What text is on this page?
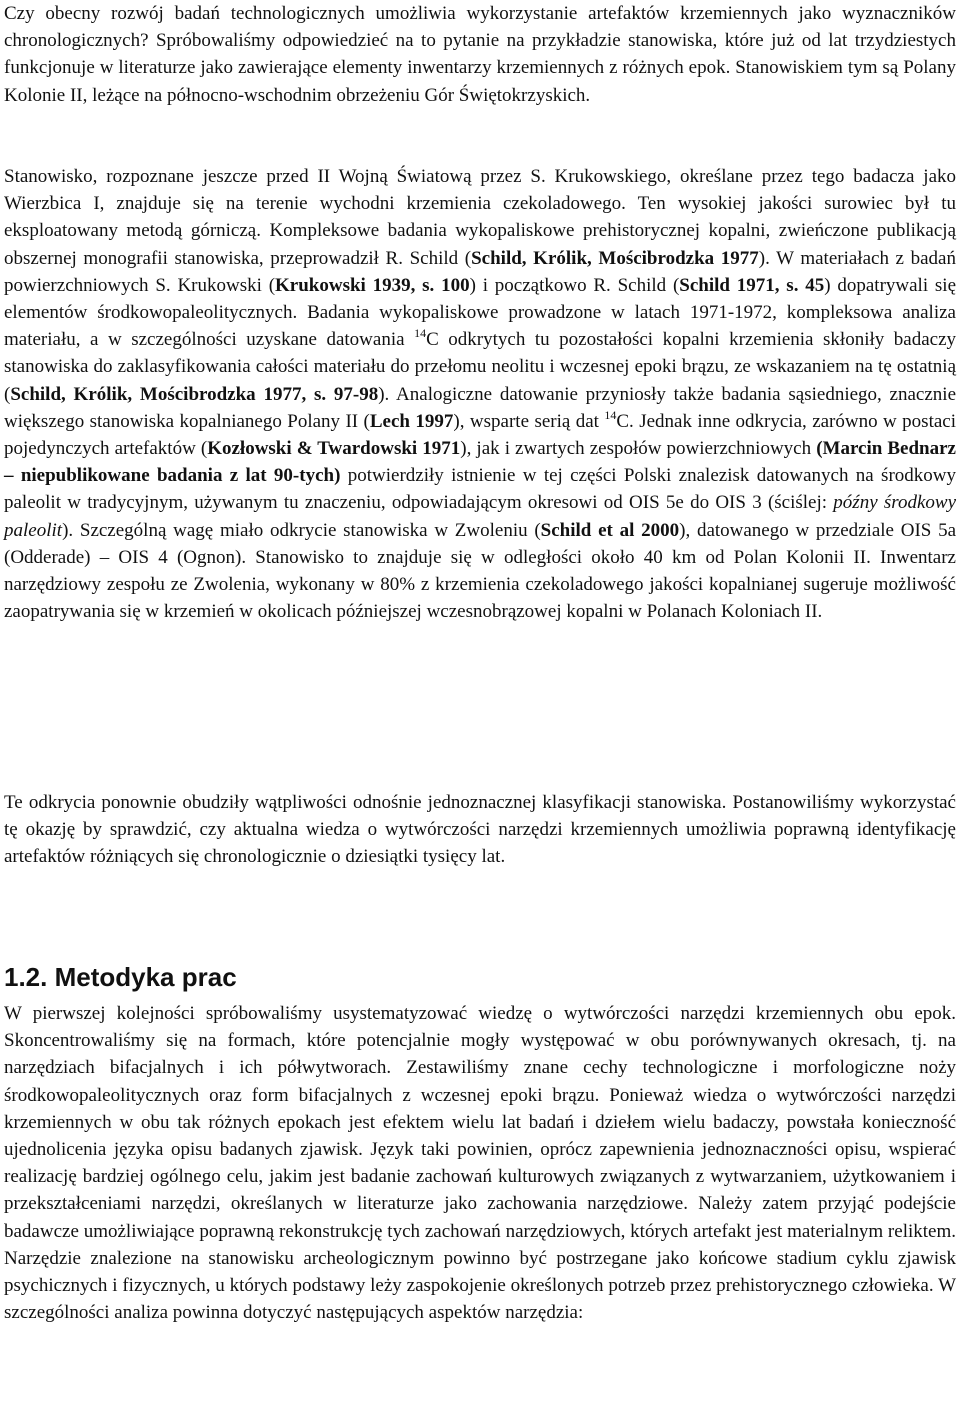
Czy obecny rozwój badań technologicznych umożliwia wykorzystanie artefaktów krzemiennych jako wyznaczników chronologicznych? Spróbowaliśmy odpowiedzieć na to pytanie na przykładzie stanowiska, które już od lat trzydziestych funkcjonuje w literaturze jako zawierające elementy inwentarzy krzemiennych z różnych epok. Stanowiskiem tym są Polany Kolonie II, leżące na północno-wschodnim obrzeżeniu Gór Świętokrzyskich.

Stanowisko, rozpoznane jeszcze przed II Wojną Światową przez S. Krukowskiego, określane przez tego badacza jako Wierzbica I, znajduje się na terenie wychodni krzemienia czekoladowego. Ten wysokiej jakości surowiec był tu eksploatowany metodą górniczą. Kompleksowe badania wykopaliskowe prehistorycznej kopalni, zwieńczone publikacją obszernej monografii stanowiska, przeprowadził R. Schild (Schild, Królik, Mościbrodzka 1977). W materiałach z badań powierzchniowych S. Krukowski (Krukowski 1939, s. 100) i początkowo R. Schild (Schild 1971, s. 45) dopatrywali się elementów środkowopaleolitycznych. Badania wykopaliskowe prowadzone w latach 1971-1972, kompleksowa analiza materiału, a w szczególności uzyskane datowania $^{14}$C odkrytych tu pozostałości kopalni krzemienia skłoniły badaczy stanowiska do zaklasyfikowania całości materiału do przełomu neolitu i wczesnej epoki brązu, ze wskazaniem na tę ostatnią (Schild, Królik, Mościbrodzka 1977, s. 97-98). Analogiczne datowanie przyniosły także badania sąsiedniego, znacznie większego stanowiska kopalnianego Polany II (Lech 1997), wsparte serią dat $^{14}$C. Jednak inne odkrycia, zarówno w postaci pojedynczych artefaktów (Kozłowski & Twardowski 1971), jak i zwartych zespołów powierzchniowych (Marcin Bednarz – niepublikowane badania z lat 90-tych) potwierdziły istnienie w tej części Polski znalezisk datowanych na środkowy paleolit w tradycyjnym, używanym tu znaczeniu, odpowiadającym okresowi od OIS 5e do OIS 3 (ściślej: późny środkowy paleolit). Szczególną wagę miało odkrycie stanowiska w Zwoleniu (Schild et al 2000), datowanego w przedziale OIS 5a (Odderade) – OIS 4 (Ognon). Stanowisko to znajduje się w odległości około 40 km od Polan Kolonii II. Inwentarz narzędziowy zespołu ze Zwolenia, wykonany w 80% z krzemienia czekoladowego jakości kopalnianej sugeruje możliwość zaopatrywania się w krzemień w okolicach późniejszej wczesnobrązowej kopalni w Polanach Koloniach II.

Te odkrycia ponownie obudziły wątpliwości odnośnie jednoznacznej klasyfikacji stanowiska. Postanowiliśmy wykorzystać tę okazję by sprawdzić, czy aktualna wiedza o wytwórczości narzędzi krzemiennych umożliwia poprawną identyfikację artefaktów różniących się chronologicznie o dziesiątki tysięcy lat.

1.2. Metodyka prac

W pierwszej kolejności spróbowaliśmy usystematyzować wiedzę o wytwórczości narzędzi krzemiennych obu epok. Skoncentrowaliśmy się na formach, które potencjalnie mogły występować w obu porównywanych okresach, tj. na narzędziach bifacjalnych i ich półwytworach. Zestawiliśmy znane cechy technologiczne i morfologiczne noży środkowopaleolitycznych oraz form bifacjalnych z wczesnej epoki brązu. Ponieważ wiedza o wytwórczości narzędzi krzemiennych w obu tak różnych epokach jest efektem wielu lat badań i dziełem wielu badaczy, powstała konieczność ujednolicenia języka opisu badanych zjawisk. Język taki powinien, oprócz zapewnienia jednoznaczności opisu, wspierać realizację bardziej ogólnego celu, jakim jest badanie zachowań kulturowych związanych z wytwarzaniem, użytkowaniem i przekształceniami narzędzi, określanych w literaturze jako zachowania narzędziowe. Należy zatem przyjąć podejście badawcze umożliwiające poprawną rekonstrukcję tych zachowań narzędziowych, których artefakt jest materialnym reliktem. Narzędzie znalezione na stanowisku archeologicznym powinno być postrzegane jako końcowe stadium cyklu zjawisk psychicznych i fizycznych, u których podstawy leży zaspokojenie określonych potrzeb przez prehistorycznego człowieka. W szczególności analiza powinna dotyczyć następujących aspektów narzędzia:
